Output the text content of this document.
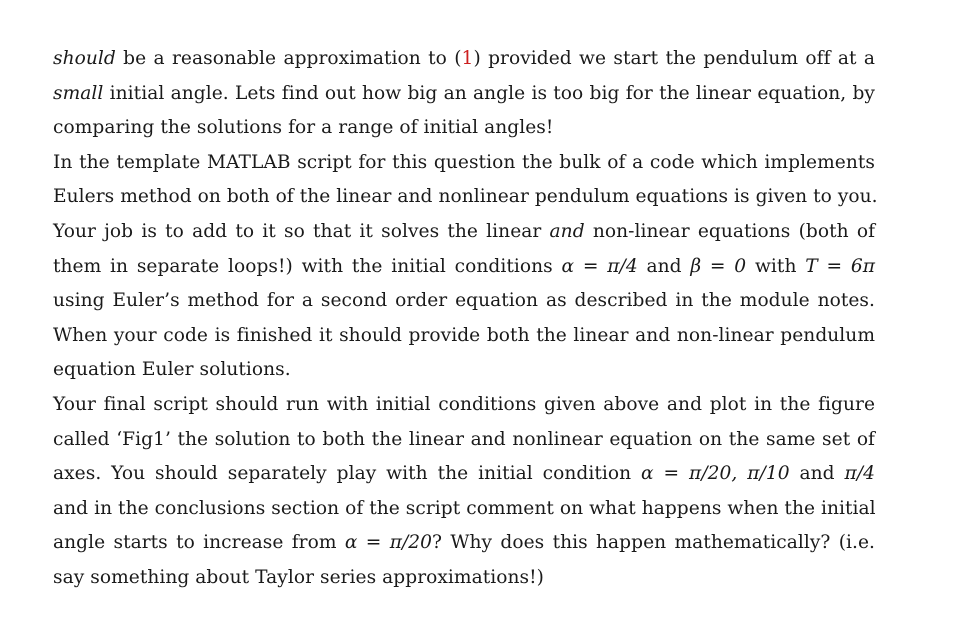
should be a reasonable approximation to (1) provided we start the pendulum off at a
small initial angle. Lets find out how big an angle is too big for the linear equation, by
comparing the solutions for a range of initial angles!
In the template MATLAB script for this question the bulk of a code which implements
Eulers method on both of the linear and nonlinear pendulum equations is given to you.
Your job is to add to it so that it solves the linear and non-linear equations (both of
them in separate loops!) with the initial conditions α = π/4 and β = 0 with T = 6π
using Euler’s method for a second order equation as described in the module notes.
When your code is finished it should provide both the linear and non-linear pendulum
equation Euler solutions.
Your final script should run with initial conditions given above and plot in the figure
called ‘Fig1’ the solution to both the linear and nonlinear equation on the same set of
axes. You should separately play with the initial condition α = π/20, π/10 and π/4
and in the conclusions section of the script comment on what happens when the initial
angle starts to increase from α = π/20? Why does this happen mathematically? (i.e.
say something about Taylor series approximations!)
